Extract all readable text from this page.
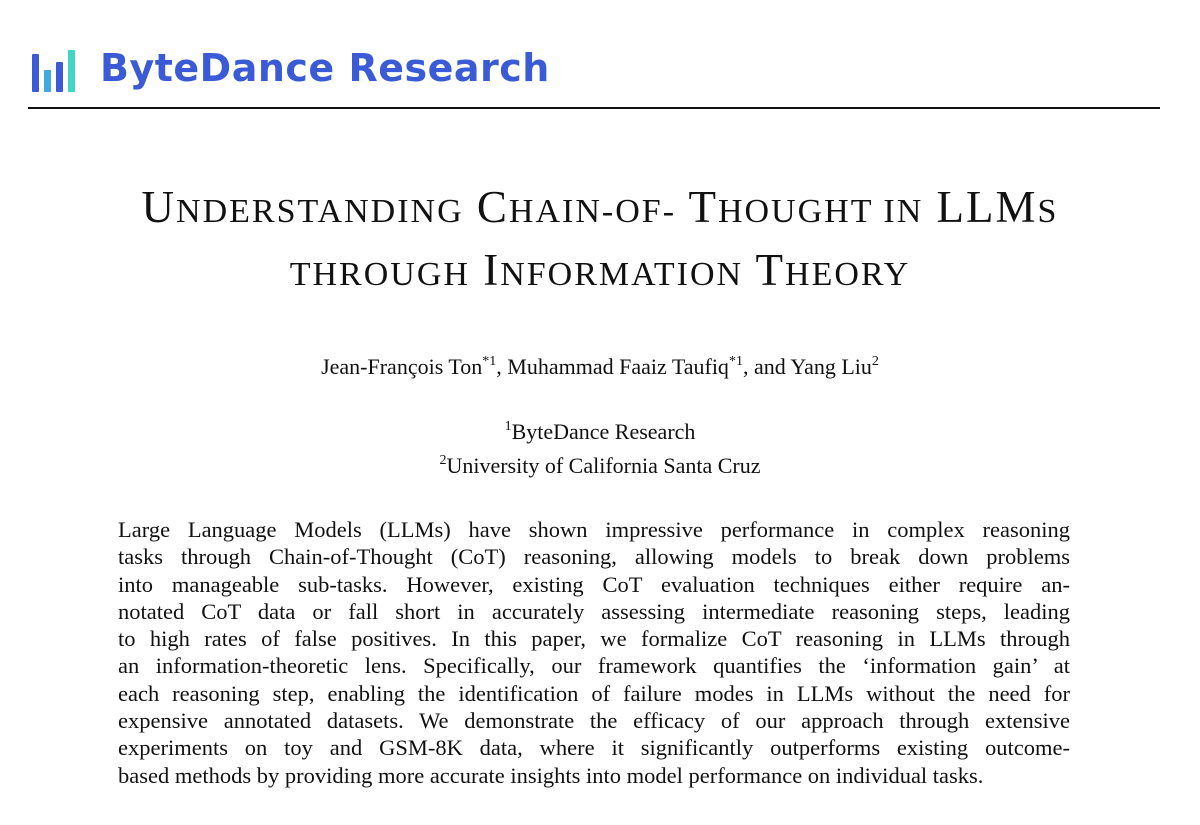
ByteDance Research
UNDERSTANDING CHAIN-OF- THOUGHT IN LLMS
THROUGH INFORMATION THEORY
Jean-François Ton$^{*1}$, Muhammad Faaiz Taufiq$^{*1}$, and Yang Liu$^2$
$^1$ByteDance Research
$^2$University of California Santa Cruz
Large Language Models (LLMs) have shown impressive performance in complex reasoning
tasks through Chain-of-Thought (CoT) reasoning, allowing models to break down problems
into manageable sub-tasks. However, existing CoT evaluation techniques either require an-
notated CoT data or fall short in accurately assessing intermediate reasoning steps, leading
to high rates of false positives. In this paper, we formalize CoT reasoning in LLMs through
an information-theoretic lens. Specifically, our framework quantifies the ‘information gain’ at
each reasoning step, enabling the identification of failure modes in LLMs without the need for
expensive annotated datasets. We demonstrate the efficacy of our approach through extensive
experiments on toy and GSM-8K data, where it significantly outperforms existing outcome-
based methods by providing more accurate insights into model performance on individual tasks.
